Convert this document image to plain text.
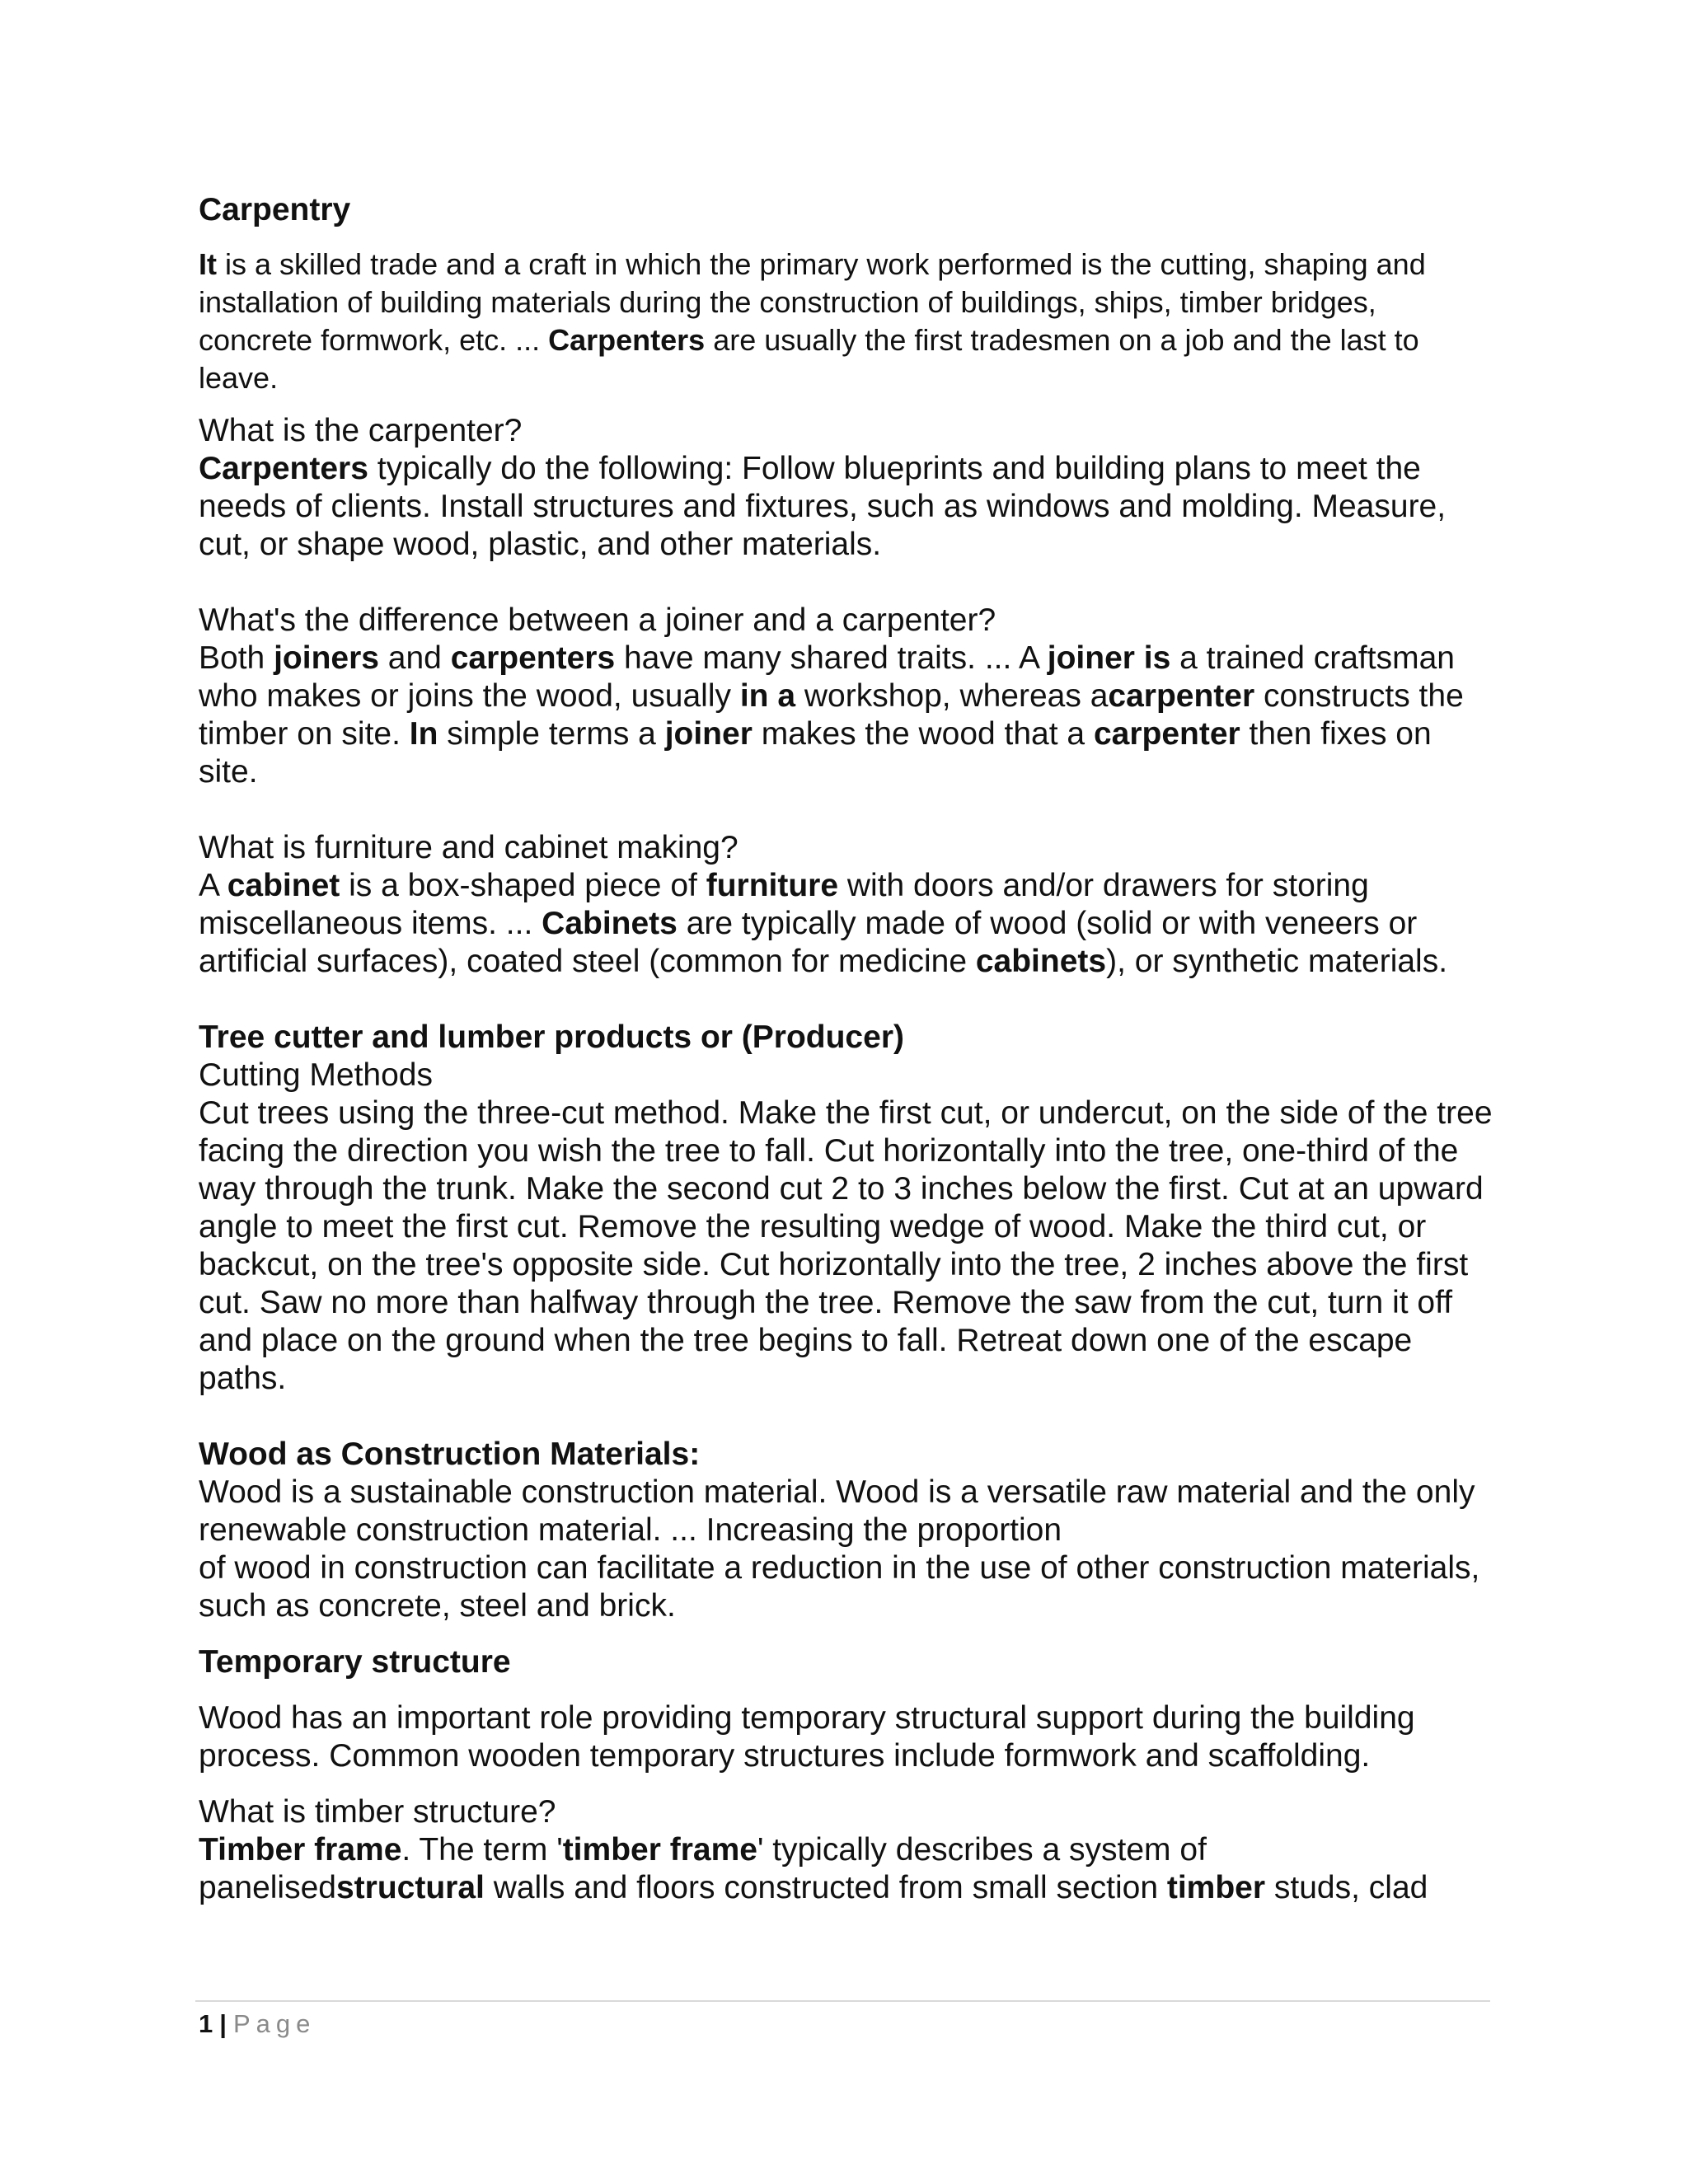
Carpentry

It is a skilled trade and a craft in which the primary work performed is the cutting, shaping and installation of building materials during the construction of buildings, ships, timber bridges, concrete formwork, etc. ... Carpenters are usually the first tradesmen on a job and the last to leave.

What is the carpenter?

Carpenters typically do the following: Follow blueprints and building plans to meet the needs of clients. Install structures and fixtures, such as windows and molding. Measure, cut, or shape wood, plastic, and other materials.

What's the difference between a joiner and a carpenter?

Both joiners and carpenters have many shared traits. ... A joiner is a trained craftsman who makes or joins the wood, usually in a workshop, whereas acarpenter constructs the timber on site. In simple terms a joiner makes the wood that a carpenter then fixes on site.

What is furniture and cabinet making?

A cabinet is a box-shaped piece of furniture with doors and/or drawers for storing miscellaneous items. ... Cabinets are typically made of wood (solid or with veneers or artificial surfaces), coated steel (common for medicine cabinets), or synthetic materials.

Tree cutter and lumber products or (Producer)

Cutting Methods

Cut trees using the three-cut method. Make the first cut, or undercut, on the side of the tree facing the direction you wish the tree to fall. Cut horizontally into the tree, one-third of the way through the trunk. Make the second cut 2 to 3 inches below the first. Cut at an upward angle to meet the first cut. Remove the resulting wedge of wood. Make the third cut, or backcut, on the tree's opposite side. Cut horizontally into the tree, 2 inches above the first cut. Saw no more than halfway through the tree. Remove the saw from the cut, turn it off and place on the ground when the tree begins to fall. Retreat down one of the escape paths.

Wood as Construction Materials:

Wood is a sustainable construction material. Wood is a versatile raw material and the only renewable construction material. ... Increasing the proportion

of wood in construction can facilitate a reduction in the use of other construction materials, such as concrete, steel and brick.

Temporary structure

Wood has an important role providing temporary structural support during the building process. Common wooden temporary structures include formwork and scaffolding.

What is timber structure?

Timber frame. The term 'timber frame' typically describes a system of panelisedstructural walls and floors constructed from small section timber studs, clad

1 | Page
